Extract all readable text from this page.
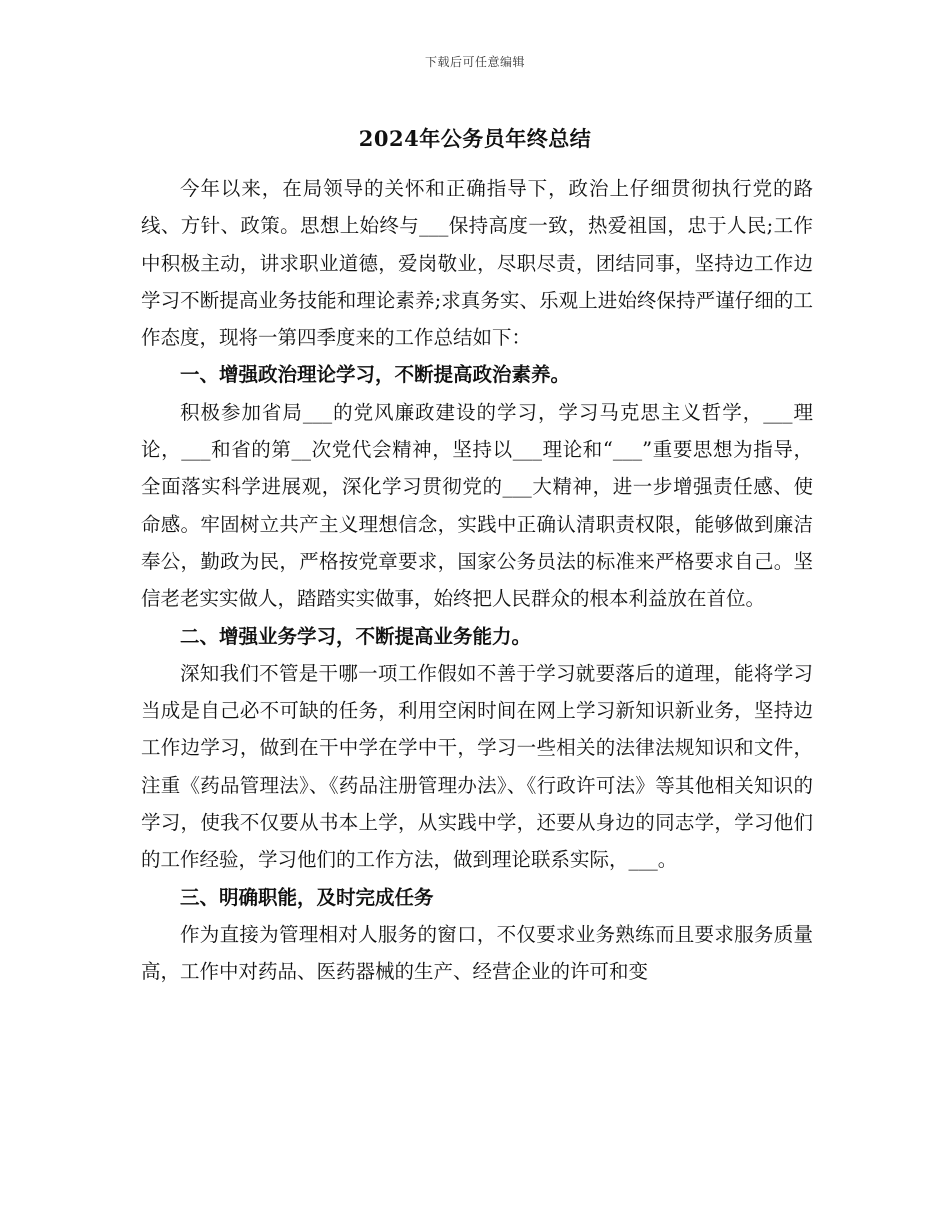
下载后可任意编辑
2024年公务员年终总结

今年以来，在局领导的关怀和正确指导下，政治上仔细贯彻执行党的路线、方针、政策。思想上始终与___保持高度一致，热爱祖国，忠于人民;工作中积极主动，讲求职业道德，爱岗敬业，尽职尽责，团结同事，坚持边工作边学习不断提高业务技能和理论素养;求真务实、乐观上进始终保持严谨仔细的工作态度，现将一第四季度来的工作总结如下：

一、增强政治理论学习，不断提高政治素养。

积极参加省局___的党风廉政建设的学习，学习马克思主义哲学，___理论，___和省的第__次党代会精神，坚持以___理论和“___”重要思想为指导，全面落实科学进展观，深化学习贯彻党的___大精神，进一步增强责任感、使命感。牢固树立共产主义理想信念，实践中正确认清职责权限，能够做到廉洁奉公，勤政为民，严格按党章要求，国家公务员法的标准来严格要求自己。坚信老老实实做人，踏踏实实做事，始终把人民群众的根本利益放在首位。

二、增强业务学习，不断提高业务能力。

深知我们不管是干哪一项工作假如不善于学习就要落后的道理，能将学习当成是自己必不可缺的任务，利用空闲时间在网上学习新知识新业务，坚持边工作边学习，做到在干中学在学中干，学习一些相关的法律法规知识和文件，注重《药品管理法》、《药品注册管理办法》、《行政许可法》等其他相关知识的学习，使我不仅要从书本上学，从实践中学，还要从身边的同志学，学习他们的工作经验，学习他们的工作方法，做到理论联系实际，___。

三、明确职能，及时完成任务

作为直接为管理相对人服务的窗口，不仅要求业务熟练而且要求服务质量高，工作中对药品、医药器械的生产、经营企业的许可和变
